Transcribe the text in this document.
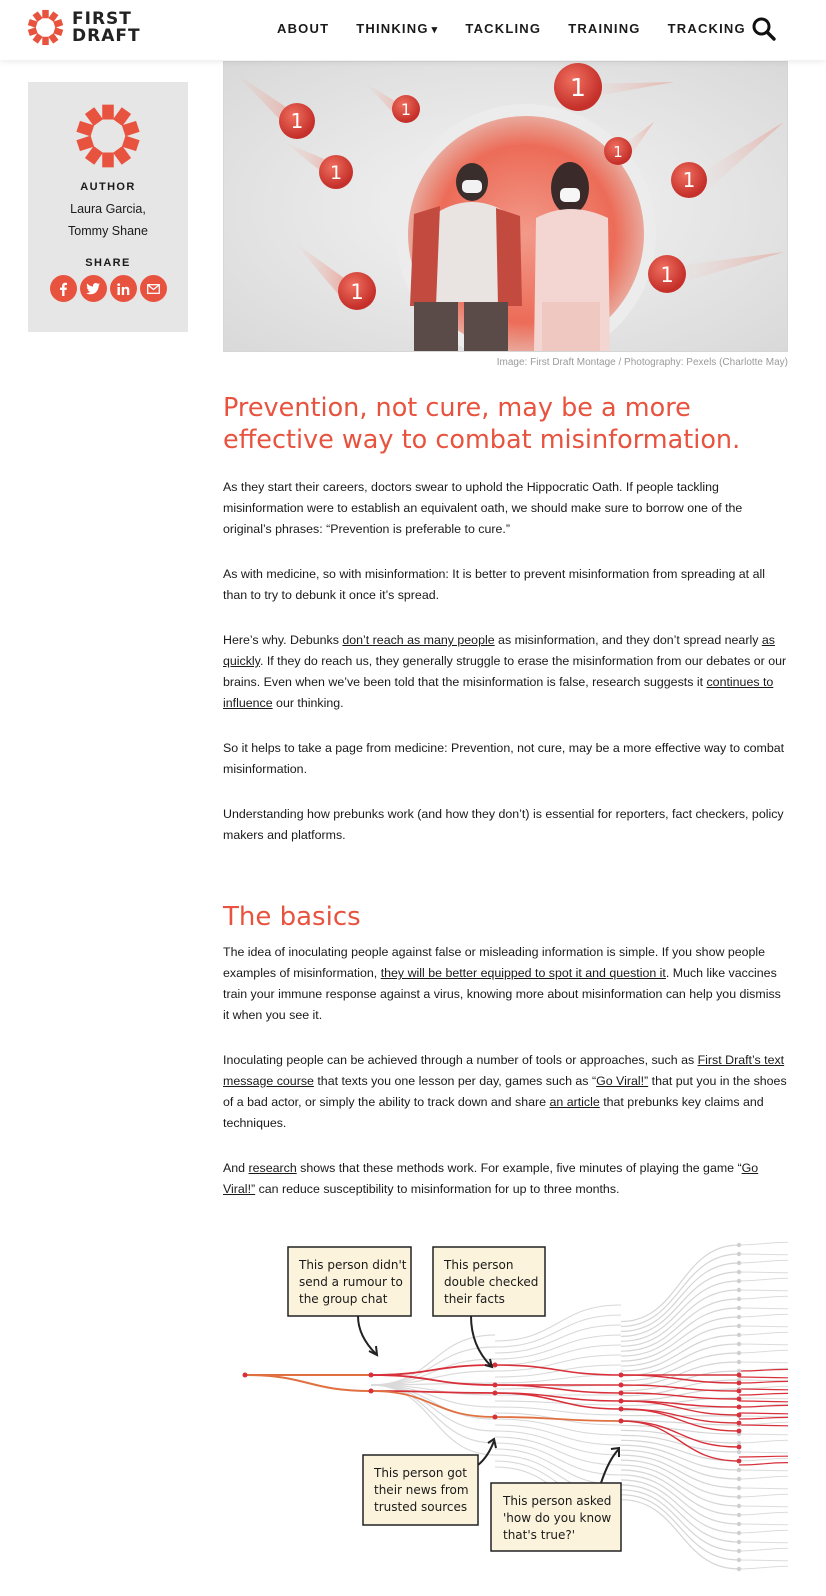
FIRST
DRAFT	ABOUT THINKING ▾ TACKLING TRAINING TRACKING
AUTHOR
Laura Garcia,
Tommy Shane
SHARE
1	1
1
1
1
1
1
1
Image: First Draft Montage / Photography: Pexels (Charlotte May)
Prevention, not cure, may be a more effective way to combat misinformation.

As they start their careers, doctors swear to uphold the Hippocratic Oath. If people tackling misinformation were to establish an equivalent oath, we should make sure to borrow one of the original’s phrases: “Prevention is preferable to cure.”

As with medicine, so with misinformation: It is better to prevent misinformation from spreading at all than to try to debunk it once it’s spread.

Here’s why. Debunks don’t reach as many people as misinformation, and they don’t spread nearly as quickly. If they do reach us, they generally struggle to erase the misinformation from our debates or our brains. Even when we’ve been told that the misinformation is false, research suggests it continues to influence our thinking.

So it helps to take a page from medicine: Prevention, not cure, may be a more effective way to combat misinformation.

Understanding how prebunks work (and how they don’t) is essential for reporters, fact checkers, policy makers and platforms.

The basics

The idea of inoculating people against false or misleading information is simple. If you show people examples of misinformation, they will be better equipped to spot it and question it. Much like vaccines train your immune response against a virus, knowing more about misinformation can help you dismiss it when you see it.

Inoculating people can be achieved through a number of tools or approaches, such as First Draft’s text message course that texts you one lesson per day, games such as “Go Viral!” that put you in the shoes of a bad actor, or simply the ability to track down and share an article that prebunks key claims and techniques.

And research shows that these methods work. For example, five minutes of playing the game “Go Viral!” can reduce susceptibility to misinformation for up to three months.

This person didn't
send a rumour to
the group chat
This person
double checked
their facts
This person got
their news from
trusted sources	This person asked
'how do you know
that's true?'
